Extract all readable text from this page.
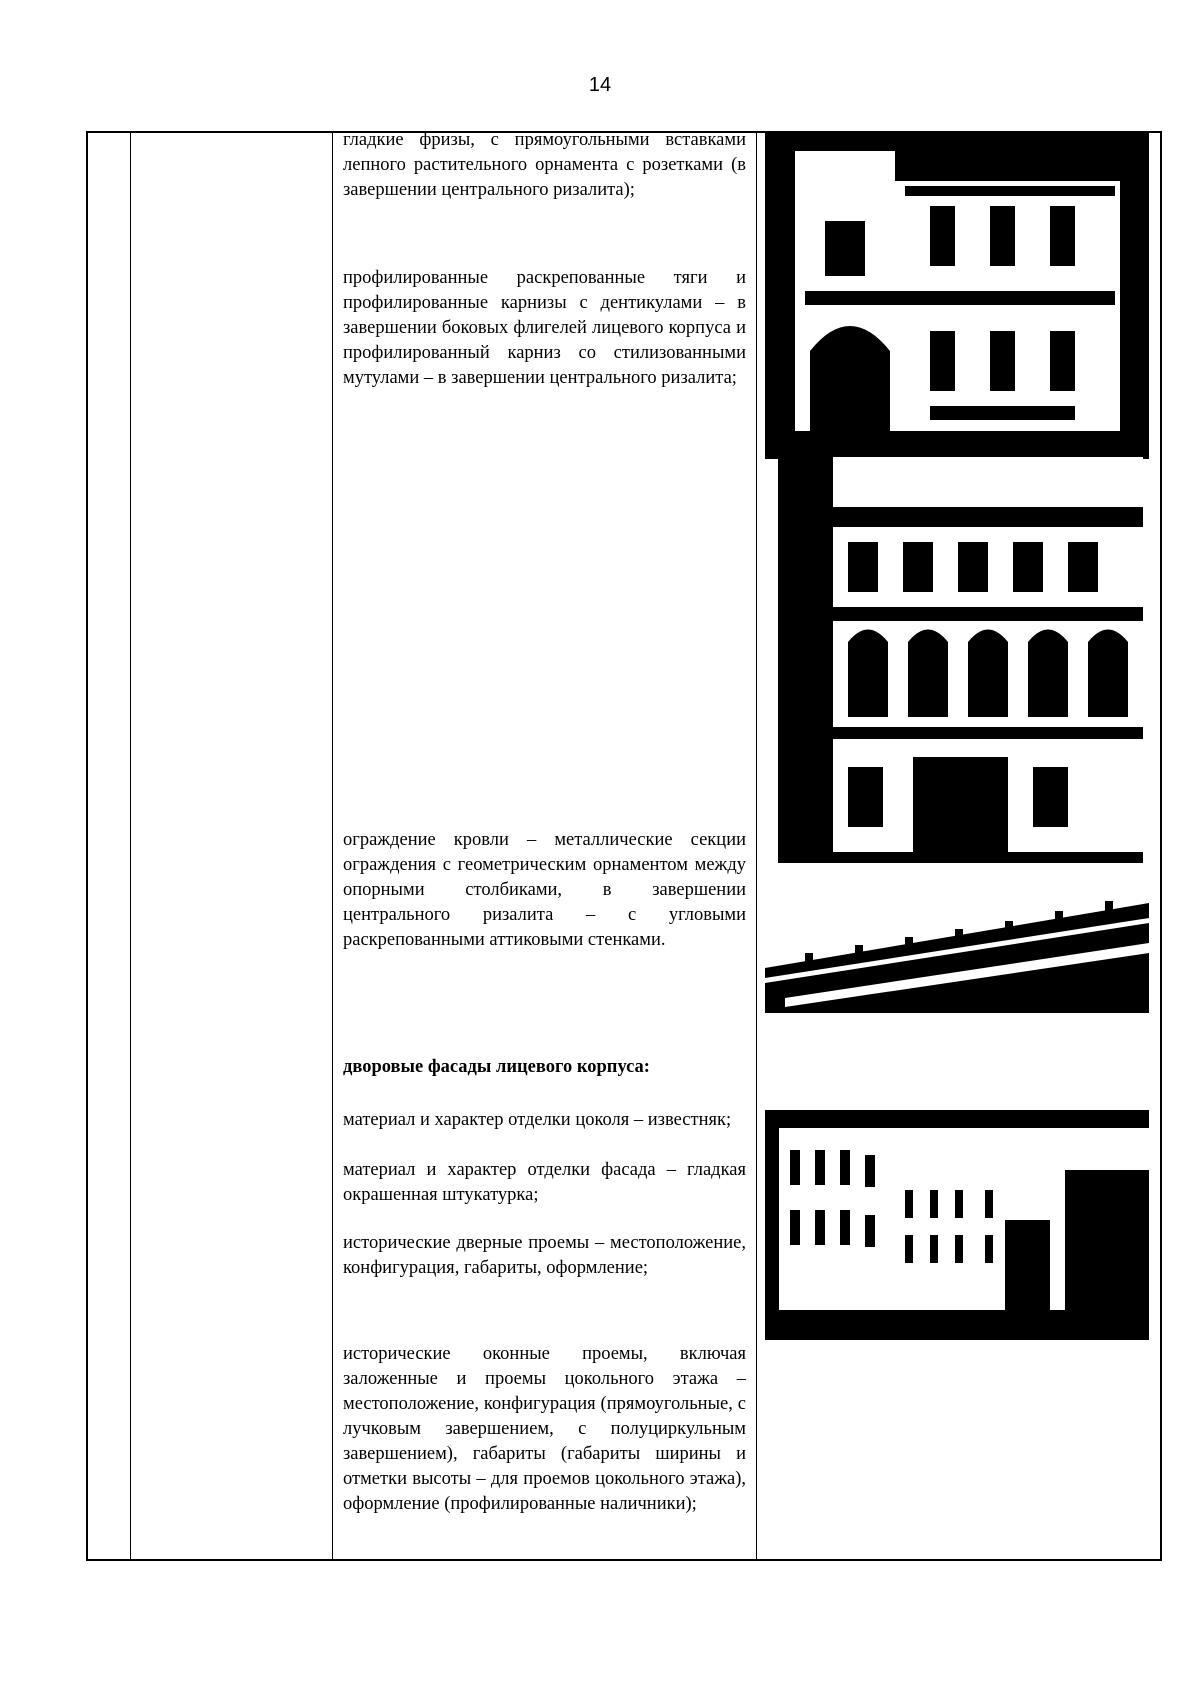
14

гладкие фризы, с прямоугольными вставками лепного растительного орнамента с розетками (в завершении центрального ризалита);

профилированные раскрепованные тяги и профилированные карнизы с дентикулами – в завершении боковых флигелей лицевого корпуса и профилированный карниз со стилизованными мутулами – в завершении центрального ризалита;

ограждение кровли – металлические секции ограждения с геометрическим орнаментом между опорными столбиками, в завершении центрального ризалита – с угловыми раскрепованными аттиковыми стенками.

дворовые фасады лицевого корпуса:

материал и характер отделки цоколя – известняк;

материал и характер отделки фасада – гладкая окрашенная штукатурка;

исторические дверные проемы – местоположение, конфигурация, габариты, оформление;

исторические оконные проемы, включая заложенные и проемы цокольного этажа – местоположение, конфигурация (прямоугольные, с лучковым завершением, с полуциркульным завершением), габариты (габариты ширины и отметки высоты – для проемов цокольного этажа), оформление (профилированные наличники);
